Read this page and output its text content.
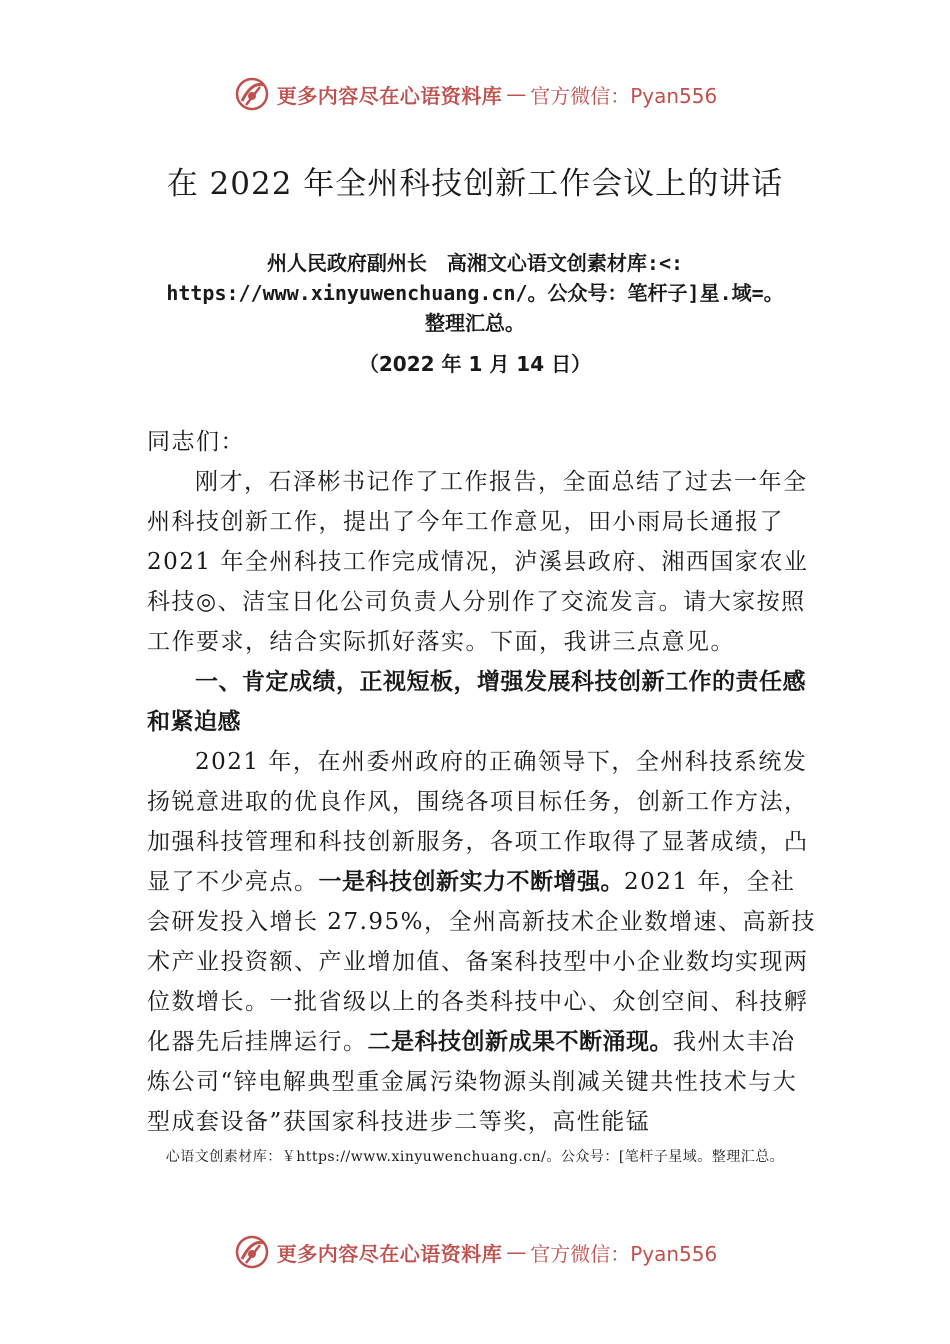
更多内容尽在心语资料库 — 官方微信：Pyan556
在 2022 年全州科技创新工作会议上的讲话
州人民政府副州长　高湘文心语文创素材库:<:
https://www.xinyuwenchuang.cn/。公众号：笔杆子]星.域=。
整理汇总。
（2022 年 1 月 14 日）

同志们：

刚才，石泽彬书记作了工作报告，全面总结了过去一年全州科技创新工作，提出了今年工作意见，田小雨局长通报了 2021 年全州科技工作完成情况，泸溪县政府、湘西国家农业科技◎、洁宝日化公司负责人分别作了交流发言。请大家按照工作要求，结合实际抓好落实。下面，我讲三点意见。

一、肯定成绩，正视短板，增强发展科技创新工作的责任感和紧迫感

2021 年，在州委州政府的正确领导下，全州科技系统发扬锐意进取的优良作风，围绕各项目标任务，创新工作方法，加强科技管理和科技创新服务，各项工作取得了显著成绩，凸显了不少亮点。一是科技创新实力不断增强。2021 年，全社会研发投入增长 27.95%，全州高新技术企业数增速、高新技术产业投资额、产业增加值、备案科技型中小企业数均实现两位数增长。一批省级以上的各类科技中心、众创空间、科技孵化器先后挂牌运行。二是科技创新成果不断涌现。我州太丰冶炼公司“锌电解典型重金属污染物源头削减关键共性技术与大型成套设备”获国家科技进步二等奖，高性能锰

心语文创素材库：￥https://www.xinyuwenchuang.cn/。公众号：[笔杆子星域。整理汇总。
更多内容尽在心语资料库 — 官方微信：Pyan556
